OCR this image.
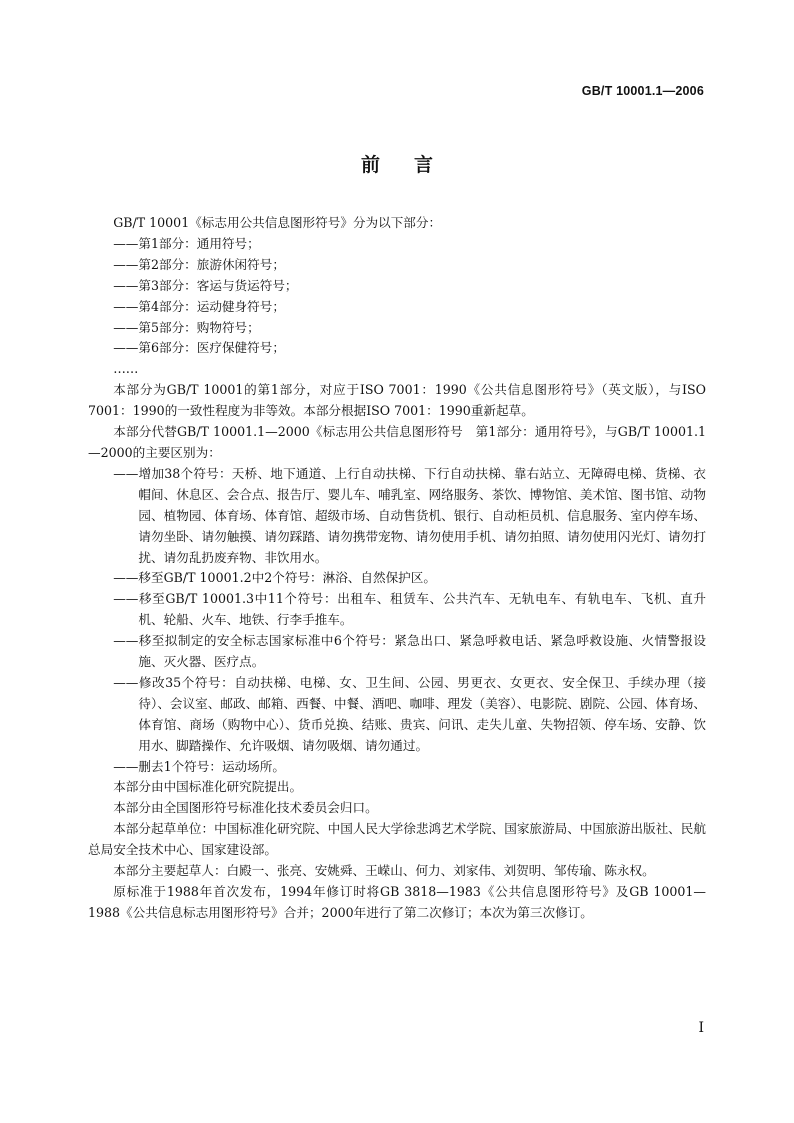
GB/T 10001.1—2006
前言

GB/T 10001《标志用公共信息图形符号》分为以下部分：

——第1部分：通用符号；

——第2部分：旅游休闲符号；

——第3部分：客运与货运符号；

——第4部分：运动健身符号；

——第5部分：购物符号；

——第6部分：医疗保健符号；

……

本部分为GB/T 10001的第1部分，对应于ISO 7001：1990《公共信息图形符号》（英文版），与ISO 7001：1990的一致性程度为非等效。本部分根据ISO 7001：1990重新起草。

本部分代替GB/T 10001.1—2000《标志用公共信息图形符号　第1部分：通用符号》，与GB/T 10001.1—2000的主要区别为：

——增加38个符号：天桥、地下通道、上行自动扶梯、下行自动扶梯、靠右站立、无障碍电梯、货梯、衣帽间、休息区、会合点、报告厅、婴儿车、哺乳室、网络服务、茶饮、博物馆、美术馆、图书馆、动物园、植物园、体育场、体育馆、超级市场、自动售货机、银行、自动柜员机、信息服务、室内停车场、请勿坐卧、请勿触摸、请勿踩踏、请勿携带宠物、请勿使用手机、请勿拍照、请勿使用闪光灯、请勿打扰、请勿乱扔废弃物、非饮用水。

——移至GB/T 10001.2中2个符号：淋浴、自然保护区。

——移至GB/T 10001.3中11个符号：出租车、租赁车、公共汽车、无轨电车、有轨电车、飞机、直升机、轮船、火车、地铁、行李手推车。

——移至拟制定的安全标志国家标准中6个符号：紧急出口、紧急呼救电话、紧急呼救设施、火情警报设施、灭火器、医疗点。

——修改35个符号：自动扶梯、电梯、女、卫生间、公园、男更衣、女更衣、安全保卫、手续办理（接待）、会议室、邮政、邮箱、西餐、中餐、酒吧、咖啡、理发（美容）、电影院、剧院、公园、体育场、体育馆、商场（购物中心）、货币兑换、结账、贵宾、问讯、走失儿童、失物招领、停车场、安静、饮用水、脚踏操作、允许吸烟、请勿吸烟、请勿通过。

——删去1个符号：运动场所。

本部分由中国标准化研究院提出。

本部分由全国图形符号标准化技术委员会归口。

本部分起草单位：中国标准化研究院、中国人民大学徐悲鸿艺术学院、国家旅游局、中国旅游出版社、民航总局安全技术中心、国家建设部。

本部分主要起草人：白殿一、张亮、安姚舜、王嵘山、何力、刘家伟、刘贺明、邹传瑜、陈永权。

原标准于1988年首次发布，1994年修订时将GB 3818—1983《公共信息图形符号》及GB 10001—1988《公共信息标志用图形符号》合并；2000年进行了第二次修订；本次为第三次修订。

I
